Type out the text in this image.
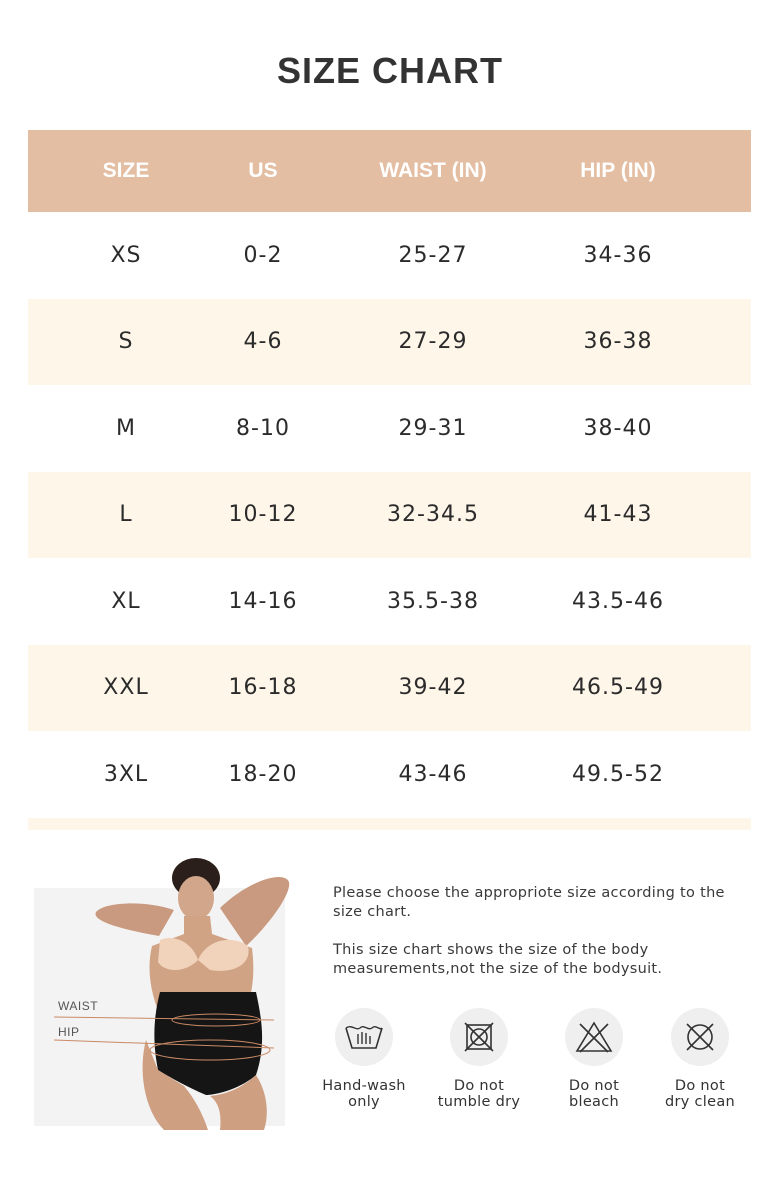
SIZE CHART
SIZE	US	WAIST (IN)	HIP (IN)
XS	0-2	25-27	34-36
S	4-6	27-29	36-38
M	8-10	29-31	38-40
L	10-12	32-34.5	41-43
XL	14-16	35.5-38	43.5-46
XXL	16-18	39-42	46.5-49
3XL	18-20	43-46	49.5-52
WAIST
HIP

Please choose the appropriote size according to the size chart.

This size chart shows the size of the body measurements,not the size of the bodysuit.

Hand-wash
only
Do not
tumble dry
Do not
bleach
Do not
dry clean
